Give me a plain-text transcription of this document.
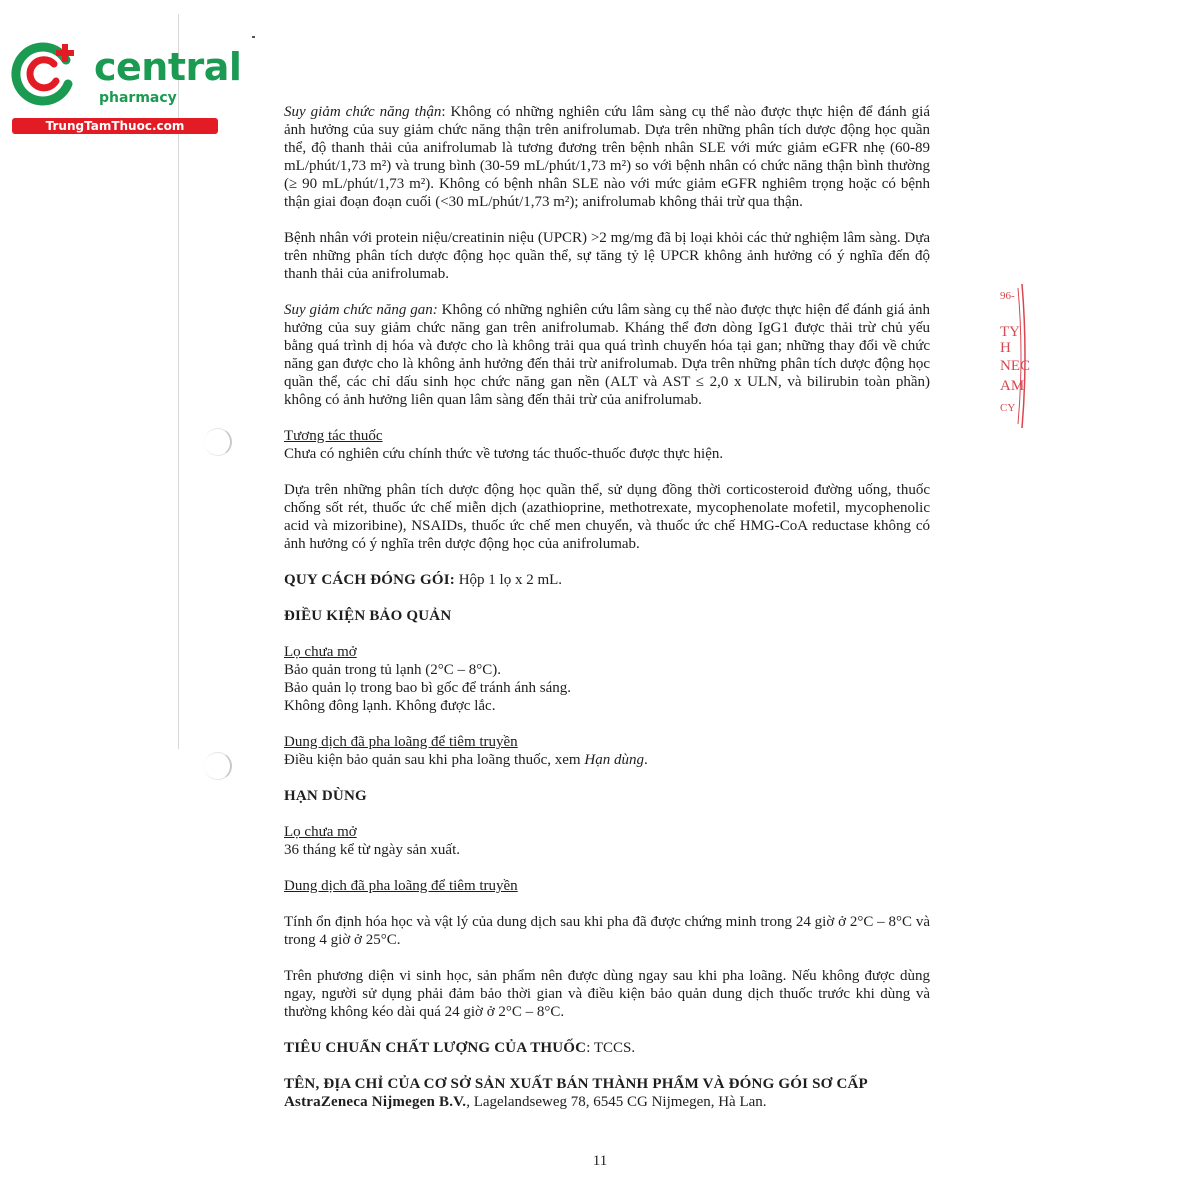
central
pharmacy
TrungTamThuoc.com
96-
TY
H
NEC
AM
CY

Suy giảm chức năng thận: Không có những nghiên cứu lâm sàng cụ thể nào được thực hiện để đánh giá ảnh hưởng của suy giảm chức năng thận trên anifrolumab. Dựa trên những phân tích dược động học quần thể, độ thanh thải của anifrolumab là tương đương trên bệnh nhân SLE với mức giảm eGFR nhẹ (60-89 mL/phút/1,73 m²) và trung bình (30-59 mL/phút/1,73 m²) so với bệnh nhân có chức năng thận bình thường (≥ 90 mL/phút/1,73 m²). Không có bệnh nhân SLE nào với mức giảm eGFR nghiêm trọng hoặc có bệnh thận giai đoạn đoạn cuối (<30 mL/phút/1,73 m²); anifrolumab không thải trừ qua thận.

Bệnh nhân với protein niệu/creatinin niệu (UPCR) >2 mg/mg đã bị loại khỏi các thử nghiệm lâm sàng. Dựa trên những phân tích dược động học quần thể, sự tăng tỷ lệ UPCR không ảnh hưởng có ý nghĩa đến độ thanh thải của anifrolumab.

Suy giảm chức năng gan: Không có những nghiên cứu lâm sàng cụ thể nào được thực hiện để đánh giá ảnh hưởng của suy giảm chức năng gan trên anifrolumab. Kháng thể đơn dòng IgG1 được thải trừ chủ yếu bằng quá trình dị hóa và được cho là không trải qua quá trình chuyển hóa tại gan; những thay đổi về chức năng gan được cho là không ảnh hưởng đến thải trừ anifrolumab. Dựa trên những phân tích dược động học quần thể, các chỉ dấu sinh học chức năng gan nền (ALT và AST ≤ 2,0 x ULN, và bilirubin toàn phần) không có ảnh hưởng liên quan lâm sàng đến thải trừ của anifrolumab.

Tương tác thuốc

Chưa có nghiên cứu chính thức về tương tác thuốc-thuốc được thực hiện.

Dựa trên những phân tích dược động học quần thể, sử dụng đồng thời corticosteroid đường uống, thuốc chống sốt rét, thuốc ức chế miễn dịch (azathioprine, methotrexate, mycophenolate mofetil, mycophenolic acid và mizoribine), NSAIDs, thuốc ức chế men chuyển, và thuốc ức chế HMG-CoA reductase không có ảnh hưởng có ý nghĩa trên dược động học của anifrolumab.

QUY CÁCH ĐÓNG GÓI: Hộp 1 lọ x 2 mL.

ĐIỀU KIỆN BẢO QUẢN

Lọ chưa mở

Bảo quản trong tủ lạnh (2°C – 8°C).

Bảo quản lọ trong bao bì gốc để tránh ánh sáng.

Không đông lạnh. Không được lắc.

Dung dịch đã pha loãng để tiêm truyền

Điều kiện bảo quản sau khi pha loãng thuốc, xem Hạn dùng.

HẠN DÙNG

Lọ chưa mở

36 tháng kể từ ngày sản xuất.

Dung dịch đã pha loãng để tiêm truyền

Tính ổn định hóa học và vật lý của dung dịch sau khi pha đã được chứng minh trong 24 giờ ở 2°C – 8°C và trong 4 giờ ở 25°C.

Trên phương diện vi sinh học, sản phẩm nên được dùng ngay sau khi pha loãng. Nếu không được dùng ngay, người sử dụng phải đảm bảo thời gian và điều kiện bảo quản dung dịch thuốc trước khi dùng và thường không kéo dài quá 24 giờ ở 2°C – 8°C.

TIÊU CHUẨN CHẤT LƯỢNG CỦA THUỐC: TCCS.

TÊN, ĐỊA CHỈ CỦA CƠ SỞ SẢN XUẤT BÁN THÀNH PHẨM VÀ ĐÓNG GÓI SƠ CẤP

AstraZeneca Nijmegen B.V., Lagelandseweg 78, 6545 CG Nijmegen, Hà Lan.

11
